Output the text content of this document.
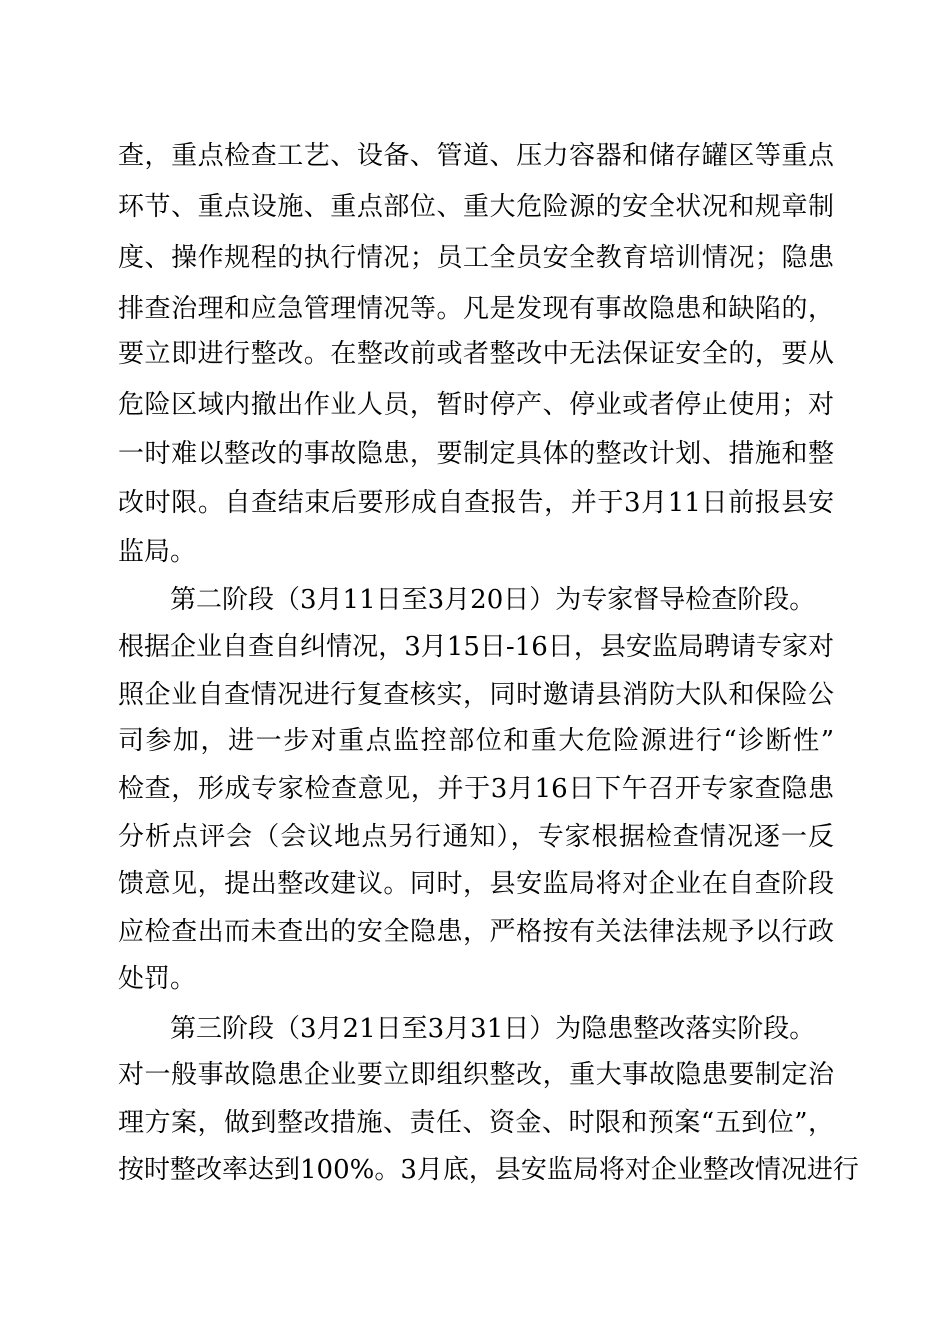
查，重点检查工艺、设备、管道、压力容器和储存罐区等重点
环节、重点设施、重点部位、重大危险源的安全状况和规章制
度、操作规程的执行情况；员工全员安全教育培训情况；隐患
排查治理和应急管理情况等。凡是发现有事故隐患和缺陷的，
要立即进行整改。在整改前或者整改中无法保证安全的，要从
危险区域内撤出作业人员，暂时停产、停业或者停止使用；对
一时难以整改的事故隐患，要制定具体的整改计划、措施和整
改时限。自查结束后要形成自查报告，并于3月11日前报县安
监局。
第二阶段（3月11日至3月20日）为专家督导检查阶段。
根据企业自查自纠情况，3月15日-16日，县安监局聘请专家对
照企业自查情况进行复查核实，同时邀请县消防大队和保险公
司参加，进一步对重点监控部位和重大危险源进行“诊断性”
检查，形成专家检查意见，并于3月16日下午召开专家查隐患
分析点评会（会议地点另行通知），专家根据检查情况逐一反
馈意见，提出整改建议。同时，县安监局将对企业在自查阶段
应检查出而未查出的安全隐患，严格按有关法律法规予以行政
处罚。
第三阶段（3月21日至3月31日）为隐患整改落实阶段。
对一般事故隐患企业要立即组织整改，重大事故隐患要制定治
理方案，做到整改措施、责任、资金、时限和预案“五到位”，
按时整改率达到100%。3月底，县安监局将对企业整改情况进行
